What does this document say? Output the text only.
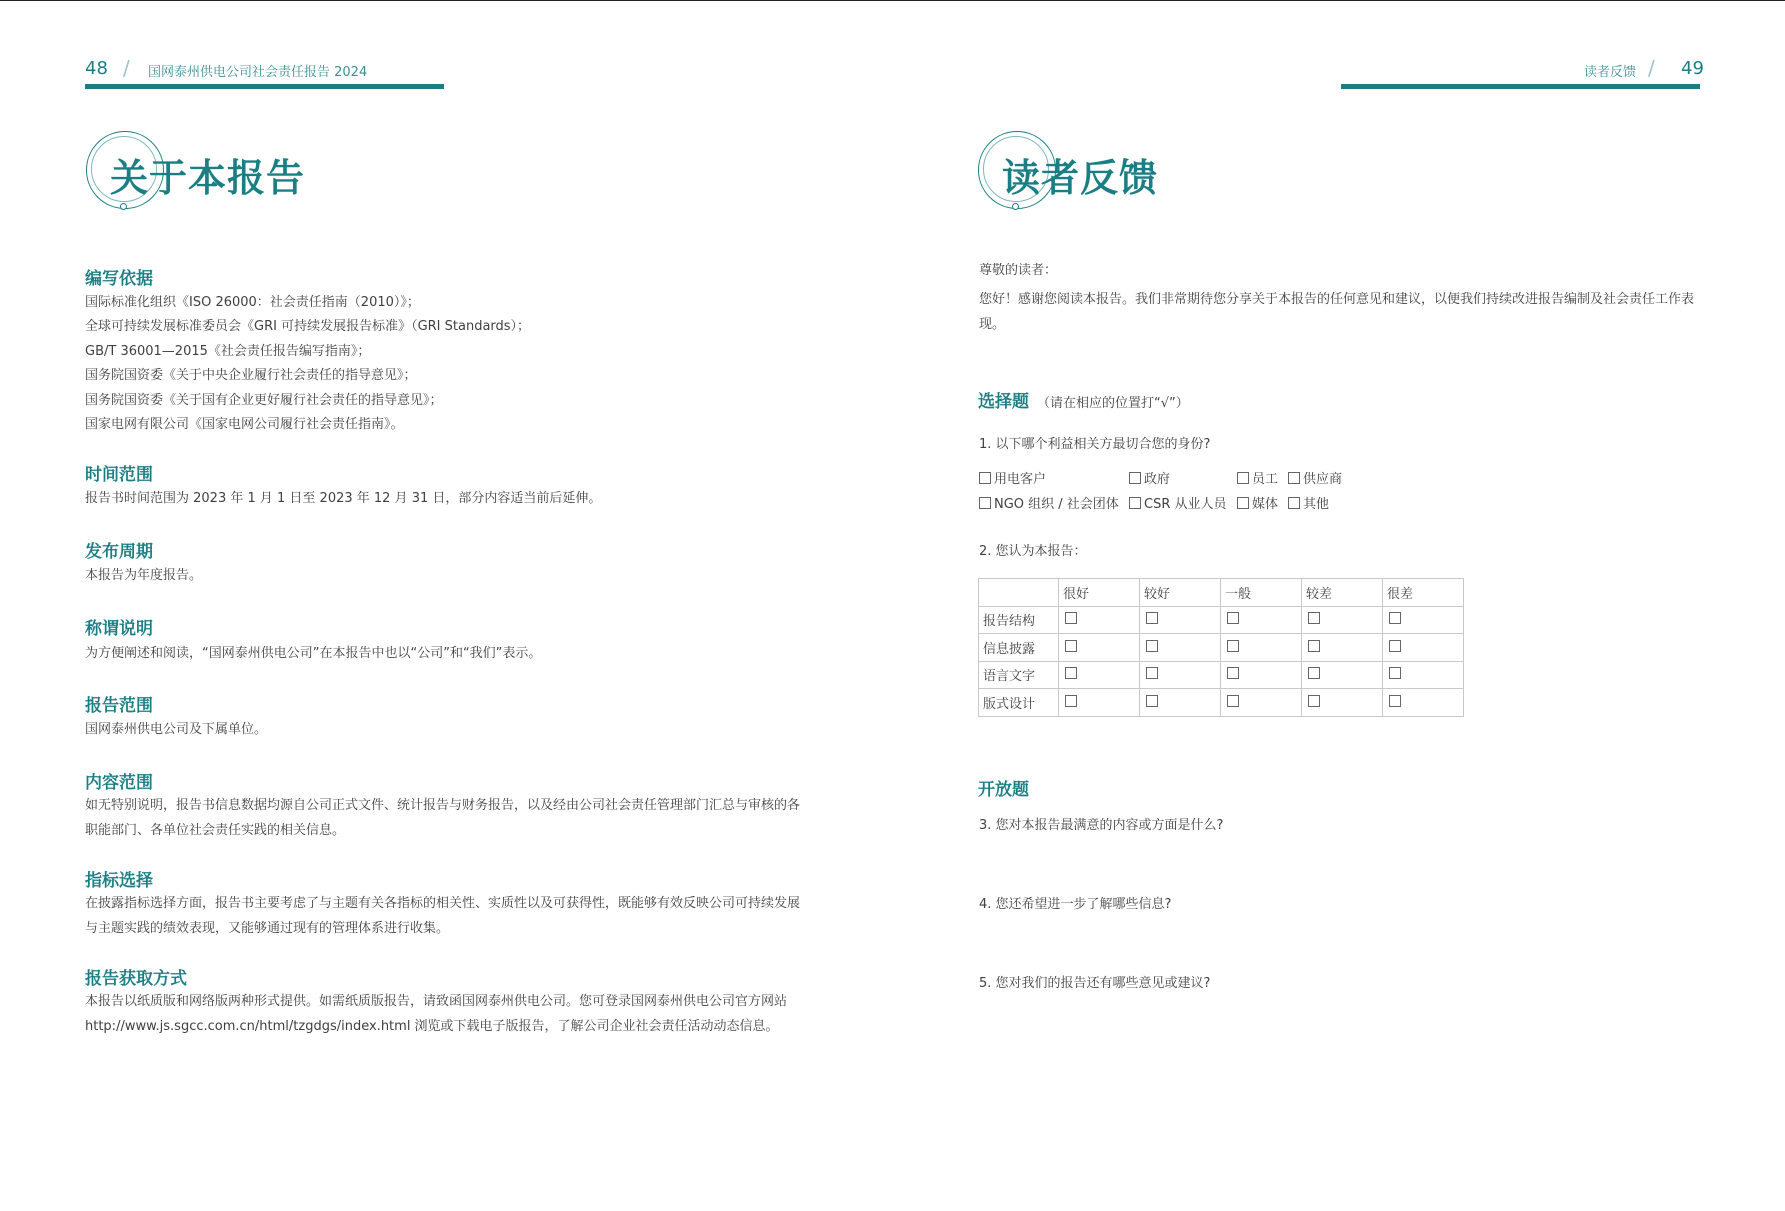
48 / 国网泰州供电公司社会责任报告 2024
关于本报告
编写依据
国际标准化组织《ISO 26000：社会责任指南（2010）》；
全球可持续发展标准委员会《GRI 可持续发展报告标准》（GRI Standards）；
GB/T 36001—2015《社会责任报告编写指南》；
国务院国资委《关于中央企业履行社会责任的指导意见》；
国务院国资委《关于国有企业更好履行社会责任的指导意见》；
国家电网有限公司《国家电网公司履行社会责任指南》。
时间范围
报告书时间范围为 2023 年 1 月 1 日至 2023 年 12 月 31 日，部分内容适当前后延伸。
发布周期
本报告为年度报告。
称谓说明
为方便阐述和阅读，“国网泰州供电公司”在本报告中也以“公司”和“我们”表示。
报告范围
国网泰州供电公司及下属单位。
内容范围
如无特别说明，报告书信息数据均源自公司正式文件、统计报告与财务报告，以及经由公司社会责任管理部门汇总与审核的各职能部门、各单位社会责任实践的相关信息。
指标选择
在披露指标选择方面，报告书主要考虑了与主题有关各指标的相关性、实质性以及可获得性，既能够有效反映公司可持续发展与主题实践的绩效表现，又能够通过现有的管理体系进行收集。
报告获取方式
本报告以纸质版和网络版两种形式提供。如需纸质版报告，请致函国网泰州供电公司。您可登录国网泰州供电公司官方网站 http://www.js.sgcc.com.cn/html/tzgdgs/index.html 浏览或下载电子版报告，了解公司企业社会责任活动动态信息。
读者反馈 / 49
读者反馈
尊敬的读者：
您好！感谢您阅读本报告。我们非常期待您分享关于本报告的任何意见和建议，以便我们持续改进报告编制及社会责任工作表现。
选择题 （请在相应的位置打“√”）
1. 以下哪个利益相关方最切合您的身份?
用电客户	政府	员工	供应商
NGO 组织 / 社会团体	CSR 从业人员	媒体	其他
2. 您认为本报告：
	很好	较好	一般	较差	很差
报告结构					
信息披露					
语言文字					
版式设计					
开放题
3. 您对本报告最满意的内容或方面是什么?
4. 您还希望进一步了解哪些信息?
5. 您对我们的报告还有哪些意见或建议?
